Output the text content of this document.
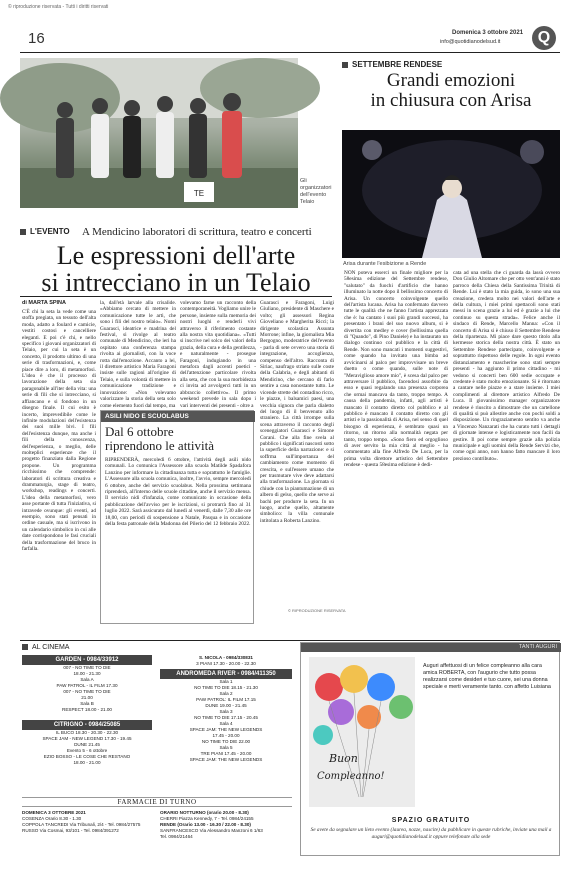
© riproduzione riservata - Tutti i diritti riservati
16	Domenica 3 ottobre 2021
info@quotidianodelsud.it	Q
TE
Gli organizzatori dell'evento Telaio
L'EVENTO A Mendicino laboratori di scrittura, teatro e concerti
Le espressioni dell'arte
si intrecciano in un Telaio
di MARTA SPINA
C'È chi la seta la vede come una stoffa pregiata, un tessuto dell'alta moda, adatto a foulard e camicie, vestiti costosi e cancelliere eleganti. E poi c'è chi, e nello specifico i giovani organizzatori di Telaio, per cui la seta è un concetto, il prodotto ultimo di una serie di trasformazioni, e, come piace dire a loro, di metamorfosi. L'idea è che il processo di lavorazione della seta sia paragonabile all'iter della vita: una serie di fili che si intrecciano, si affiancano e si fondono in un disegno finale. Il cui esito è incerto, imprevedibile come le infinite modulazioni dell'esistenza dei suoi mille bivi. I fili dell'esistenza dunque, ma anche i fili della conoscenza, dell'esperienza, o meglio, delle molteplici esperienze che il progetto finanziato dalla Regione propone. Un programma ricchissimo che comprende: laboratori di scrittura creativa e drammaturgia, stage di teatro, workshop, readings e concerti. L'idea della metamorfosi, vero asse portante di tutta l'iniziativa, si intravede ovunque: gli eventi, ad esempio, sono stati pensati in ordine casuale, ma si iscrivono in un calendario simbolico in cui alle date corrispondono le fasi cruciali della trasformazione del bruco in farfalla.
la, dall'età larvale alla crisalide. «Abbiamo cercato di mettere in comunicazione tutte le arti, che sono i fili del nostro telaio». Nomi Guarasci, ideatrice e madrina del festival, si rivolge al teatro comunale di Mendicino, che ieri ha ospitato una conferenza stampa rivolta ai giornalisti, con la voce rotta dall'emozione. Accanto a lei, il direttore artistico Maria Faragoni insiste sulle ragioni all'origine di Telaio, e sulla volontà di mettere in comunicazione tradizione e innovazione: «Non volevamo valorizzare la storia della seta solo come elemento fuori dal tempo, ma
volevamo farne un racconto della contemporaneità. Vogliamo unire le persone, insieme sulla memoria dei nostri luoghi e renderli vivi attraverso il riferimento costante alla nostra vita quotidiana». «Tutti si inscrive nel solco dei valori della grazia, della cura e della gentilezza, e naturalmente - prosegue Faragoni, indugiando in una metafora dagli accenti poetici - dell'attenzione particolare rivolta alla seta, che con la sua morbidezza ci invita ad avvolgerci tutti in un abbraccio collettivo». Il primo weekend prevede in sala dopo i vari interventi dei presenti - oltre a
Guarasci e Faragoni, Luigi Giuliano, presidente di Maschere e volto; gli assessori Regina Gioveliano e Margherita Ricci; la dirigente scolastica Assunta Morrone; infine, la giornalista Mia Bergogno, moderatrice dell'evento - parla di sete ovvero una storia di integrazione, accoglienza, compenso dell'altro. Racconta di Siriac, naufrago striato sulle coste della Calabria, e degli abitanti di Mendicino, che cercano di farlo sentire a casa nonostante tutto. Le vicende strette del contadino ricco, le piazze, i balsamici paesi, una vecchia signora che parla dialetto del luogo di il benvenuto allo straniero. La città irrompe sulla scena attraverso il racconto degli sceneggiatori Guarasci e Simone Corani. Che alla fine svela al pubblico i significati nascosti sotto la superficie della narrazione: e si soffrma sull'importanza del cambiamento come momento di crescita, e sull'essere umano che per trasmutare vive deve adattarsi alla trasformazione. La giornata si chiude con la piantumazione di un albero di gelso, quello che serve ai bachi per produrre la seta. In un luogo, anche quello, altamente simbolico: la villa comunale intitolata a Roberta Lanzino.
© RIPRODUZIONE RISERVATA
ASILI NIDO E SCUOLABUS
Dal 6 ottobre
riprendono le attività
RIPRENDERÀ, mercoledì 6 ottobre, l'attività degli asili nido comunali. Lo comunica l'Assessore alla scuola Matilde Spadafora Lanzino per informare la cittadinanza tutta e soprattutto le famiglie. L'Assessore alla scuola comunica, inoltre, l'avvio, sempre mercoledì 6 ottobre, anche del servizio scuolabus. Nella prossima settimana riprenderà, all'interno delle scuole cittadine, anche il servizio mensa. Il servizio nidi d'infanzia, come comunicato in occasione della pubblicazione dell'avviso per le iscrizioni, si protrarrà fino al 31 luglio 2022. Sarà assicurato dal lunedì al venerdì, dalle 7,30 alle ore 18,00, con periodi di sospensione a Natale, Pasqua e in occasione della festa patronale della Madonna del Pilerio del 12 febbraio 2022.
SETTEMBRE RENDESE
Grandi emozioni
in chiusura con Arisa
Arisa durante l'esibizione a Rende
NON poteva esserci un finale migliore per la 58esima edizione del Settembre rendese, "salutato" da fuochi d'artificio che hanno illuminato la notte dopo il bellissimo concerto di Arisa. Un concerto coinvolgente quello dell'artista lucana. Arisa ha confermato davvero tutte le qualità che ne fanno l'artista apprezzata che è: ha cantato i suoi più grandi successi, ha presentato i brani del suo nuovo album, si è divertita con medley e cover (bellissima quella di "Quando", di Pino Daniele) e ha instaurato un dialogo continuo col pubblico e la città di Rende. Non sono mancati i momenti suggestivi, come quando ha invitato una bimba ad avvicinarsi al palco per improvvisare un breve duetto o come quando, sulle note di "Meraviglioso amore mio", è scesa dal palco per attraversare il pubblico, facendosi assorbire da esso e quasi regalando una presenza corporea che ormai mancava da tanto, troppo tempo. A causa della pandemia, infatti, agli artisti è mancato il contatto diretto col pubblico e al pubblico è mancato il contatto diretto con gli artisti e la passionalità di Arisa, nel senso di quel bisogno di esperienza, è sembrato quasi un ritorno, un ritorno alla normalità negata per tanto, troppo tempo. «Sono fiero ed orgoglioso di aver servito la mia città al meglio - ha commentato alla fine Alfredo De Luca, per la prima volta direttore artistico del Settembre rendese - questa 58esima edizione è dedi-
cata ad una stella che ci guarda da lassù ovvero Don Giulio Altomare che per otto vent'anni è stato parroco della Chiesa della Santissima Trinità di Rende. Lui è stato la mia guida, io sono una sua creazione, credera molto nei valori dell'arte e della cultura, i miei primi spettacoli sono stati messi in scena grazie a lui ed è grazie a lui che continuo su questa strada». Felice anche il sindaco di Rende, Marcello Manna: «Con il concerto di Arisa si è chiuso il Settembre Rendese della ripartenza. Mi piace dare questo titolo alla kermesse storica della nostra città. È stato un Settembre Rendese partecipato, coinvolgente e soprattutto rispettoso delle regole. In ogni evento distanziamento e mascherine sono stati sempre presenti - ha aggiunto il primo cittadino - mi vedono si concerti ben 600 sedie occupate e credente è stato molto emozionante. Si è ritornato a cantare nelle piazze e a stare insieme. I miei complimenti al direttore artistico Alfredo De Luca. Il giovanissimo manager organizzatore rendese è riuscito a dimostrare che un cartellone di qualità si può allestire anche con pochi soldi a disposizione. Un ringraziamento sentito va anche a Vincenzo Nanzarati che ha curato tutti i dettagli di giornate intense e logisticamente non facili da gestire. Il poi come sempre grazie alla polizia municipale e agli uomini della Rende Servizi che, come ogni anno, non hanno fatto mancare il loro prezioso contributo».
AL CINEMA
GARDEN - 0984/33912
007 - NO TIME TO DIE
18.00 - 21.30
Sala A
PAW PATROL - IL FILM 17.30
007 - NO TIME TO DIE
21.00
Sala B
RESPECT 18.00 - 21.00
CITRIGNO - 0984/25085
IL BUCO 18.30 - 20.30 - 22.30
SPACE JAM - NEW LEGEND 17.30 - 19.45
DUNE 21.45
Evento 5 - 6 ottobre
EZIO BOSSO - LE COSE CHE RESTANO
18.00 - 21.00
S. NICOLA - 0984/330831
3 PIANI 17.30 - 20.00 - 22.30
ANDROMEDA RIVER - 0984/411350
Sala 1
NO TIME TO DIE 18.15 - 21.30
Sala 2
PAW PATROL: IL FILM 17.15
DUNE 19.00 - 21.45
Sala 3
NO TIME TO DIE 17.15 - 20.45
Sala 4
SPACE JAM: THE NEW LEGENDS
17.45 - 20.00
NO TIME TO DIE 22.00
Sala 5
TRE PIANI 17.45 - 20.00
SPACE JAM: THE NEW LEGENDS
FARMACIE DI TURNO
DOMENICA 3 OTTOBRE 2021
COSENZA Orario 8.30 - 1.30
COPPOLA TANCREDI Via Tribunali, 2/4 - Tel. 0984/27575
RUSSO Via Cosmai, 93/101 - Tel. 0984/391272
ORARIO NOTTURNO (orario 20.00 - 8.30)
CHERRI Piazza Kennedy, 7 - Tel. 0984/24155
RENDE (Orario 13.00 - 16.30 / 22.00 - 8.30)
SANFRANCESCO Via Alessandro Manzoni 6 1/63
Tel. 0984/21464
TANTI AUGURI
Buon
Compleanno!
Auguri affettuosi di un felice compleanno alla cara amica ROBERTA, con l'augurio che tutto possa realizzarsi come desideri e tuo cuore, sei una donna speciale e merti veramente tanto. con affetto Luisiana
SPAZIO GRATUITO
Se avete da segnalare un lieto evento (laurea, nozze, nascite) da pubblicare in queste rubriche, inviate una mail a auguri@quotidianodelsud.it oppure telefonate alla sede
